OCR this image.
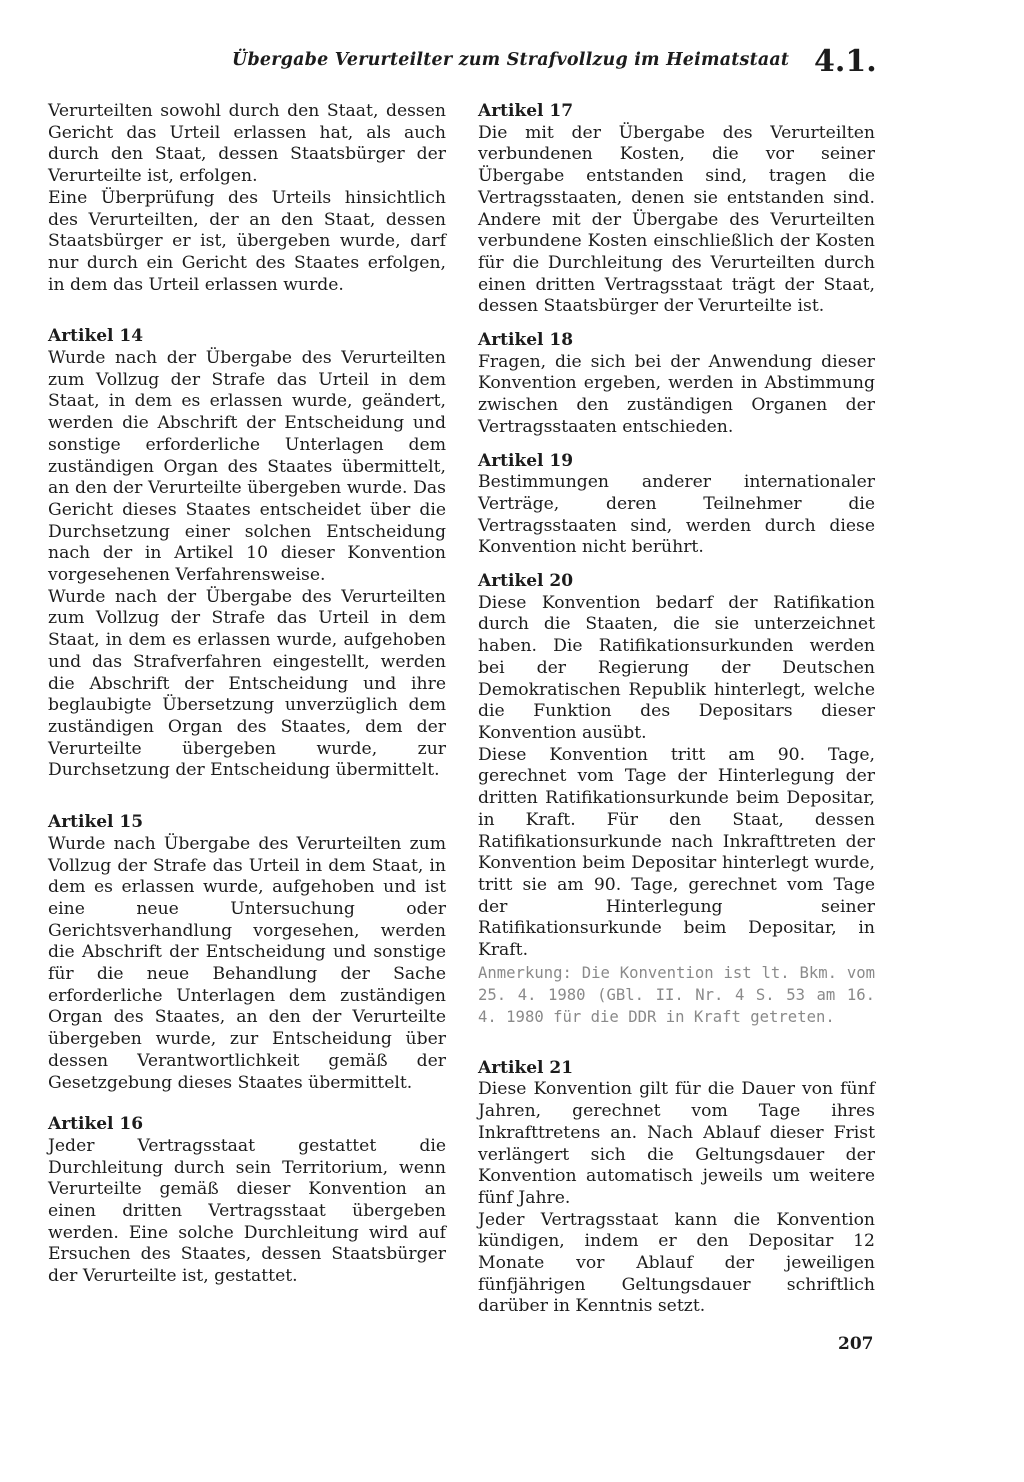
Übergabe Verurteilter zum Strafvollzug im Heimatstaat 4.1.

Verurteilten sowohl durch den Staat, dessen Gericht das Urteil erlassen hat, als auch durch den Staat, dessen Staatsbürger der Verurteilte ist, erfolgen.

Eine Überprüfung des Urteils hinsichtlich des Verurteilten, der an den Staat, dessen Staatsbürger er ist, übergeben wurde, darf nur durch ein Gericht des Staates erfolgen, in dem das Urteil erlassen wurde.

Artikel 14

Wurde nach der Übergabe des Verurteilten zum Vollzug der Strafe das Urteil in dem Staat, in dem es erlassen wurde, geändert, werden die Abschrift der Entscheidung und sonstige erforderliche Unterlagen dem zuständigen Organ des Staates übermittelt, an den der Verurteilte übergeben wurde. Das Gericht dieses Staates entscheidet über die Durchsetzung einer solchen Entscheidung nach der in Artikel 10 dieser Konvention vorgesehenen Verfahrensweise.

Wurde nach der Übergabe des Verurteilten zum Vollzug der Strafe das Urteil in dem Staat, in dem es erlassen wurde, aufgehoben und das Strafverfahren eingestellt, werden die Abschrift der Entscheidung und ihre beglaubigte Übersetzung unverzüglich dem zuständigen Organ des Staates, dem der Verurteilte übergeben wurde, zur Durchsetzung der Entscheidung übermittelt.

Artikel 15

Wurde nach Übergabe des Verurteilten zum Vollzug der Strafe das Urteil in dem Staat, in dem es erlassen wurde, aufgehoben und ist eine neue Untersuchung oder Gerichtsverhandlung vorgesehen, werden die Abschrift der Entscheidung und sonstige für die neue Behandlung der Sache erforderliche Unterlagen dem zuständigen Organ des Staates, an den der Verurteilte übergeben wurde, zur Entscheidung über dessen Verantwortlichkeit gemäß der Gesetzgebung dieses Staates übermittelt.

Artikel 16

Jeder Vertragsstaat gestattet die Durchleitung durch sein Territorium, wenn Verurteilte gemäß dieser Konvention an einen dritten Vertragsstaat übergeben werden. Eine solche Durchleitung wird auf Ersuchen des Staates, dessen Staatsbürger der Verurteilte ist, gestattet.

Artikel 17

Die mit der Übergabe des Verurteilten verbundenen Kosten, die vor seiner Übergabe entstanden sind, tragen die Vertragsstaaten, denen sie entstanden sind. Andere mit der Übergabe des Verurteilten verbundene Kosten einschließlich der Kosten für die Durchleitung des Verurteilten durch einen dritten Vertragsstaat trägt der Staat, dessen Staatsbürger der Verurteilte ist.

Artikel 18

Fragen, die sich bei der Anwendung dieser Konvention ergeben, werden in Abstimmung zwischen den zuständigen Organen der Vertragsstaaten entschieden.

Artikel 19

Bestimmungen anderer internationaler Verträge, deren Teilnehmer die Vertragsstaaten sind, werden durch diese Konvention nicht berührt.

Artikel 20

Diese Konvention bedarf der Ratifikation durch die Staaten, die sie unterzeichnet haben. Die Ratifikationsurkunden werden bei der Regierung der Deutschen Demokratischen Republik hinterlegt, welche die Funktion des Depositars dieser Konvention ausübt.

Diese Konvention tritt am 90. Tage, gerechnet vom Tage der Hinterlegung der dritten Ratifikationsurkunde beim Depositar, in Kraft. Für den Staat, dessen Ratifikationsurkunde nach Inkrafttreten der Konvention beim Depositar hinterlegt wurde, tritt sie am 90. Tage, gerechnet vom Tage der Hinterlegung seiner Ratifikationsurkunde beim Depositar, in Kraft.

Anmerkung: Die Konvention ist lt. Bkm. vom 25. 4. 1980 (GBl. II. Nr. 4 S. 53 am 16. 4. 1980 für die DDR in Kraft getreten.

Artikel 21

Diese Konvention gilt für die Dauer von fünf Jahren, gerechnet vom Tage ihres Inkrafttretens an. Nach Ablauf dieser Frist verlängert sich die Geltungsdauer der Konvention automatisch jeweils um weitere fünf Jahre.

Jeder Vertragsstaat kann die Konvention kündigen, indem er den Depositar 12 Monate vor Ablauf der jeweiligen fünfjährigen Geltungsdauer schriftlich darüber in Kenntnis setzt.

207
